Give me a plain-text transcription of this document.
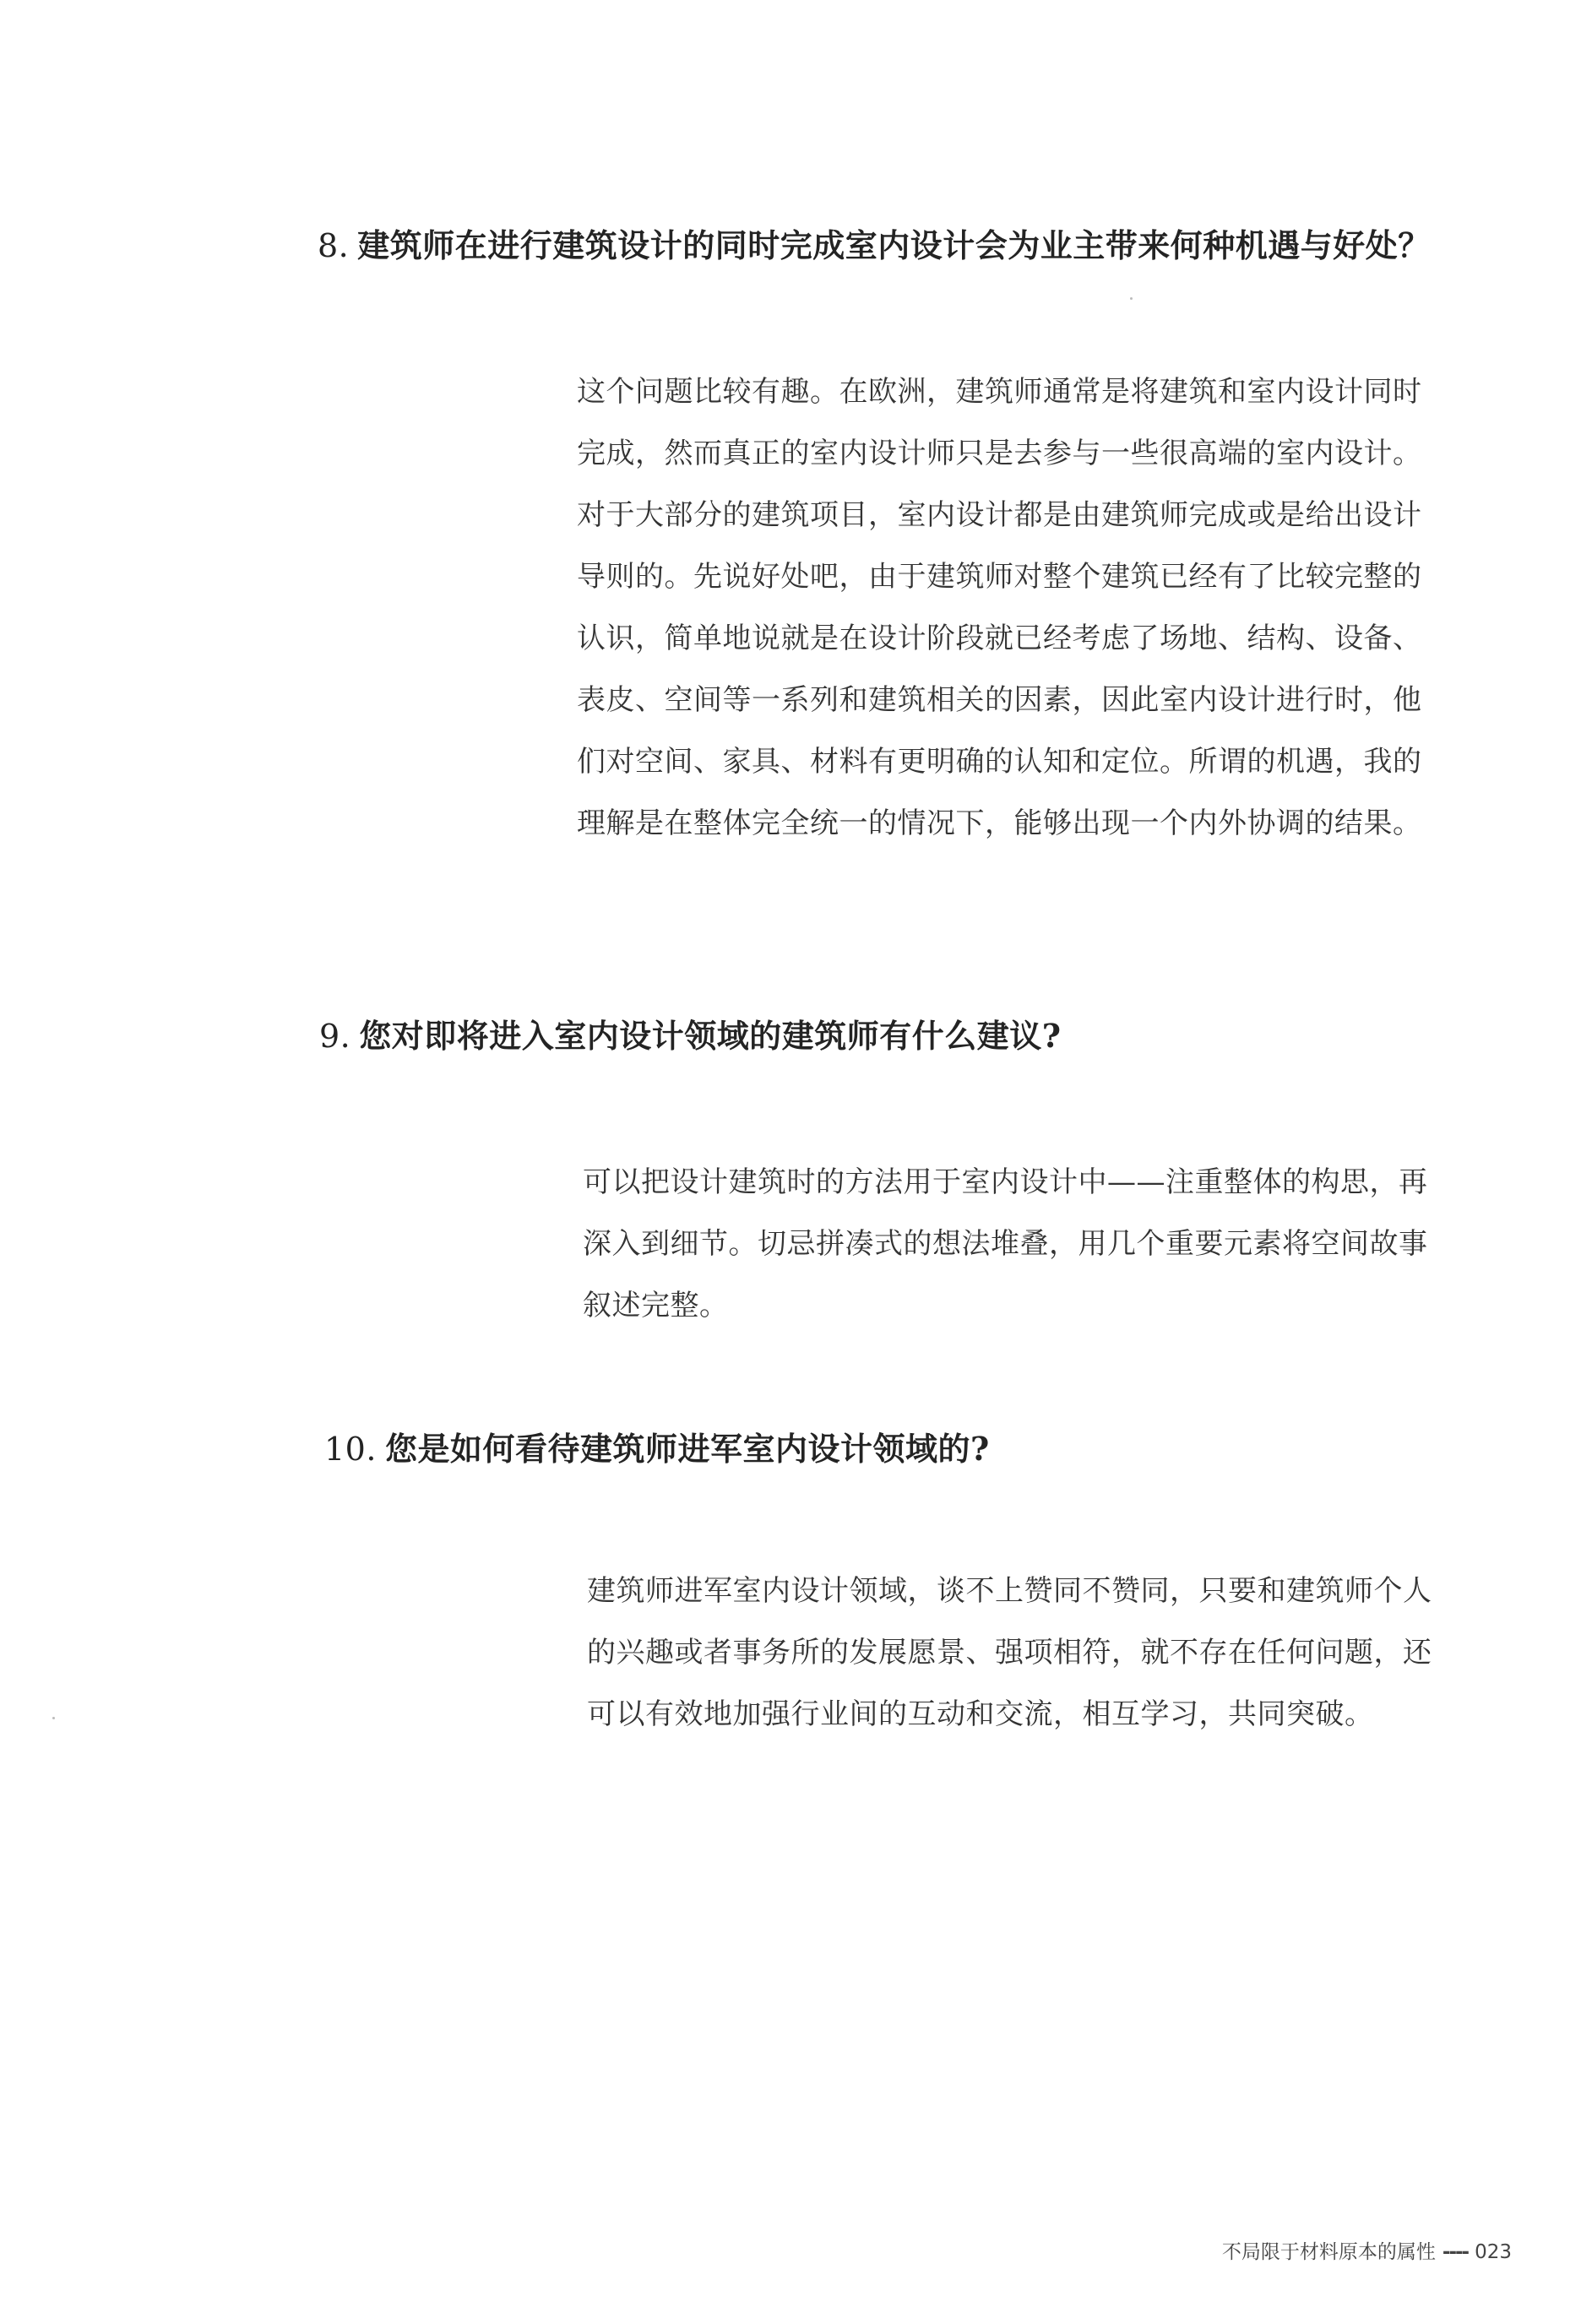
8. 建筑师在进行建筑设计的同时完成室内设计会为业主带来何种机遇与好处？
这个问题比较有趣。在欧洲，建筑师通常是将建筑和室内设计同时
完成，然而真正的室内设计师只是去参与一些很高端的室内设计。
对于大部分的建筑项目，室内设计都是由建筑师完成或是给出设计
导则的。先说好处吧，由于建筑师对整个建筑已经有了比较完整的
认识，简单地说就是在设计阶段就已经考虑了场地、结构、设备、
表皮、空间等一系列和建筑相关的因素，因此室内设计进行时，他
们对空间、家具、材料有更明确的认知和定位。所谓的机遇，我的
理解是在整体完全统一的情况下，能够出现一个内外协调的结果。
9. 您对即将进入室内设计领域的建筑师有什么建议?
可以把设计建筑时的方法用于室内设计中——注重整体的构思，再
深入到细节。切忌拼凑式的想法堆叠，用几个重要元素将空间故事
叙述完整。
10. 您是如何看待建筑师进军室内设计领域的?
建筑师进军室内设计领域，谈不上赞同不赞同，只要和建筑师个人
的兴趣或者事务所的发展愿景、强项相符，就不存在任何问题，还
可以有效地加强行业间的互动和交流，相互学习，共同突破。
不局限于材料原本的属性 ---- 023
